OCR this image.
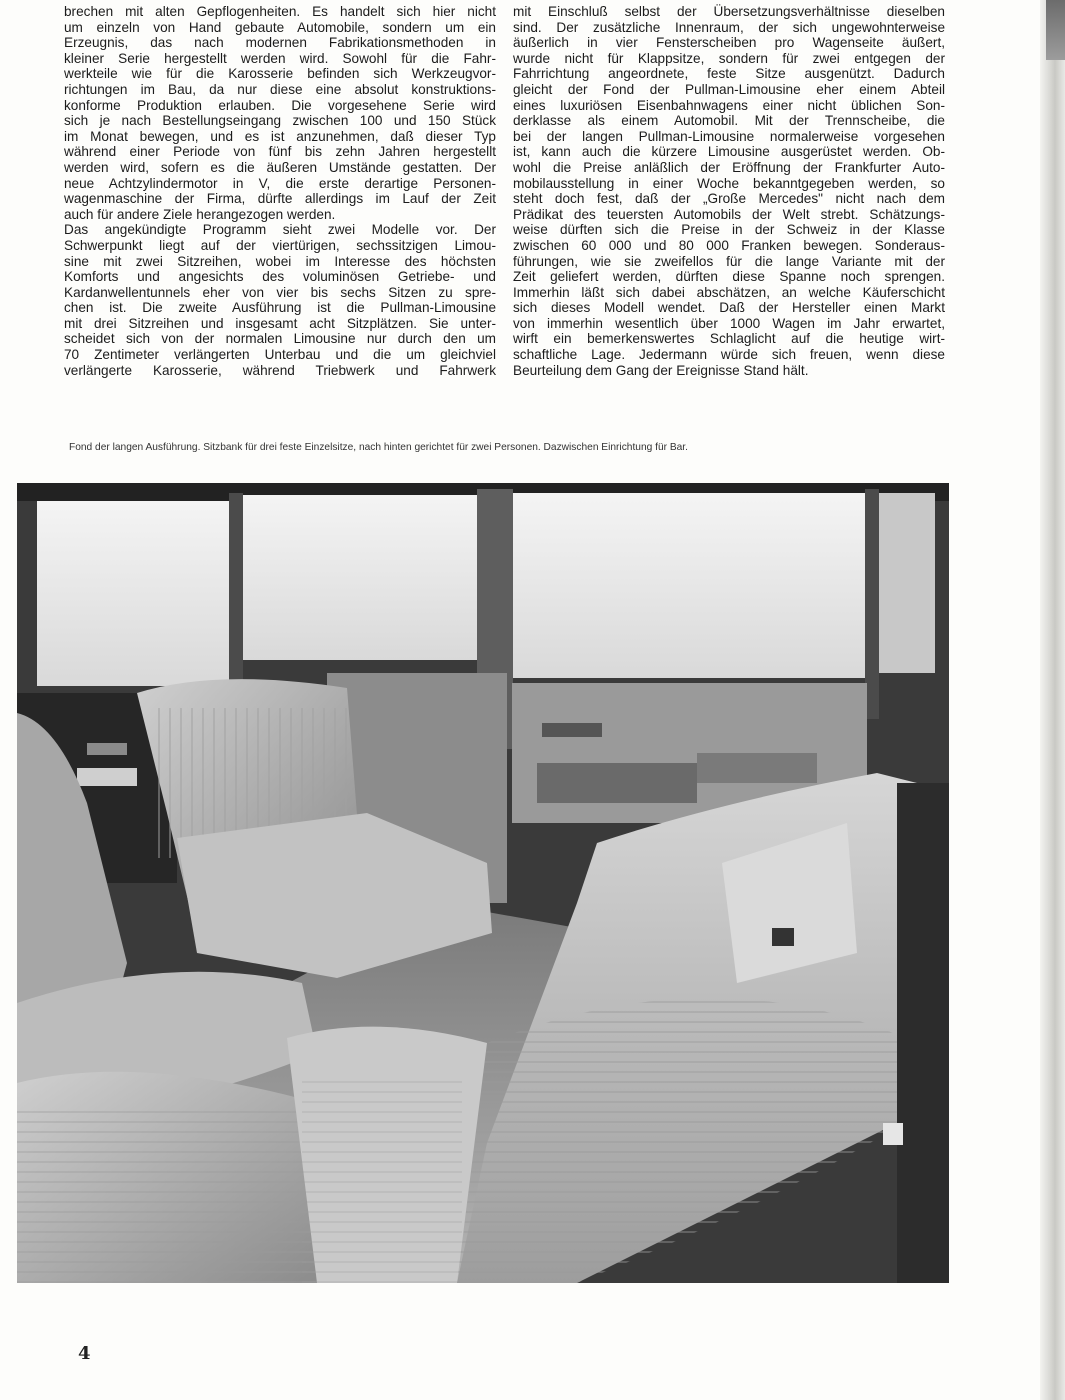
brechen mit alten Gepflogenheiten. Es handelt sich hier nicht
um einzeln von Hand gebaute Automobile, sondern um ein
Erzeugnis, das nach modernen Fabrikationsmethoden in
kleiner Serie hergestellt werden wird. Sowohl für die Fahr-
werkteile wie für die Karosserie befinden sich Werkzeugvor-
richtungen im Bau, da nur diese eine absolut konstruktions-
konforme Produktion erlauben. Die vorgesehene Serie wird
sich je nach Bestellungseingang zwischen 100 und 150 Stück
im Monat bewegen, und es ist anzunehmen, daß dieser Typ
während einer Periode von fünf bis zehn Jahren hergestellt
werden wird, sofern es die äußeren Umstände gestatten. Der
neue Achtzylindermotor in V, die erste derartige Personen-
wagenmaschine der Firma, dürfte allerdings im Lauf der Zeit
auch für andere Ziele herangezogen werden.
Das angekündigte Programm sieht zwei Modelle vor. Der
Schwerpunkt liegt auf der viertürigen, sechssitzigen Limou-
sine mit zwei Sitzreihen, wobei im Interesse des höchsten
Komforts und angesichts des voluminösen Getriebe- und
Kardanwellentunnels eher von vier bis sechs Sitzen zu spre-
chen ist. Die zweite Ausführung ist die Pullman-Limousine
mit drei Sitzreihen und insgesamt acht Sitzplätzen. Sie unter-
scheidet sich von der normalen Limousine nur durch den um
70 Zentimeter verlängerten Unterbau und die um gleichviel
verlängerte Karosserie, während Triebwerk und Fahrwerk
mit Einschluß selbst der Übersetzungsverhältnisse dieselben
sind. Der zusätzliche Innenraum, der sich ungewohnterweise
äußerlich in vier Fensterscheiben pro Wagenseite äußert,
wurde nicht für Klappsitze, sondern für zwei entgegen der
Fahrrichtung angeordnete, feste Sitze ausgenützt. Dadurch
gleicht der Fond der Pullman-Limousine eher einem Abteil
eines luxuriösen Eisenbahnwagens einer nicht üblichen Son-
derklasse als einem Automobil. Mit der Trennscheibe, die
bei der langen Pullman-Limousine normalerweise vorgesehen
ist, kann auch die kürzere Limousine ausgerüstet werden. Ob-
wohl die Preise anläßlich der Eröffnung der Frankfurter Auto-
mobilausstellung in einer Woche bekanntgegeben werden, so
steht doch fest, daß der „Große Mercedes" nicht nach dem
Prädikat des teuersten Automobils der Welt strebt. Schätzungs-
weise dürften sich die Preise in der Schweiz in der Klasse
zwischen 60 000 und 80 000 Franken bewegen. Sonderaus-
führungen, wie sie zweifellos für die lange Variante mit der
Zeit geliefert werden, dürften diese Spanne noch sprengen.
Immerhin läßt sich dabei abschätzen, an welche Käuferschicht
sich dieses Modell wendet. Daß der Hersteller einen Markt
von immerhin wesentlich über 1000 Wagen im Jahr erwartet,
wirft ein bemerkenswertes Schlaglicht auf die heutige wirt-
schaftliche Lage. Jedermann würde sich freuen, wenn diese
Beurteilung dem Gang der Ereignisse Stand hält.
Fond der langen Ausführung. Sitzbank für drei feste Einzelsitze, nach hinten gerichtet für zwei Personen. Dazwischen Einrichtung für Bar.
4
